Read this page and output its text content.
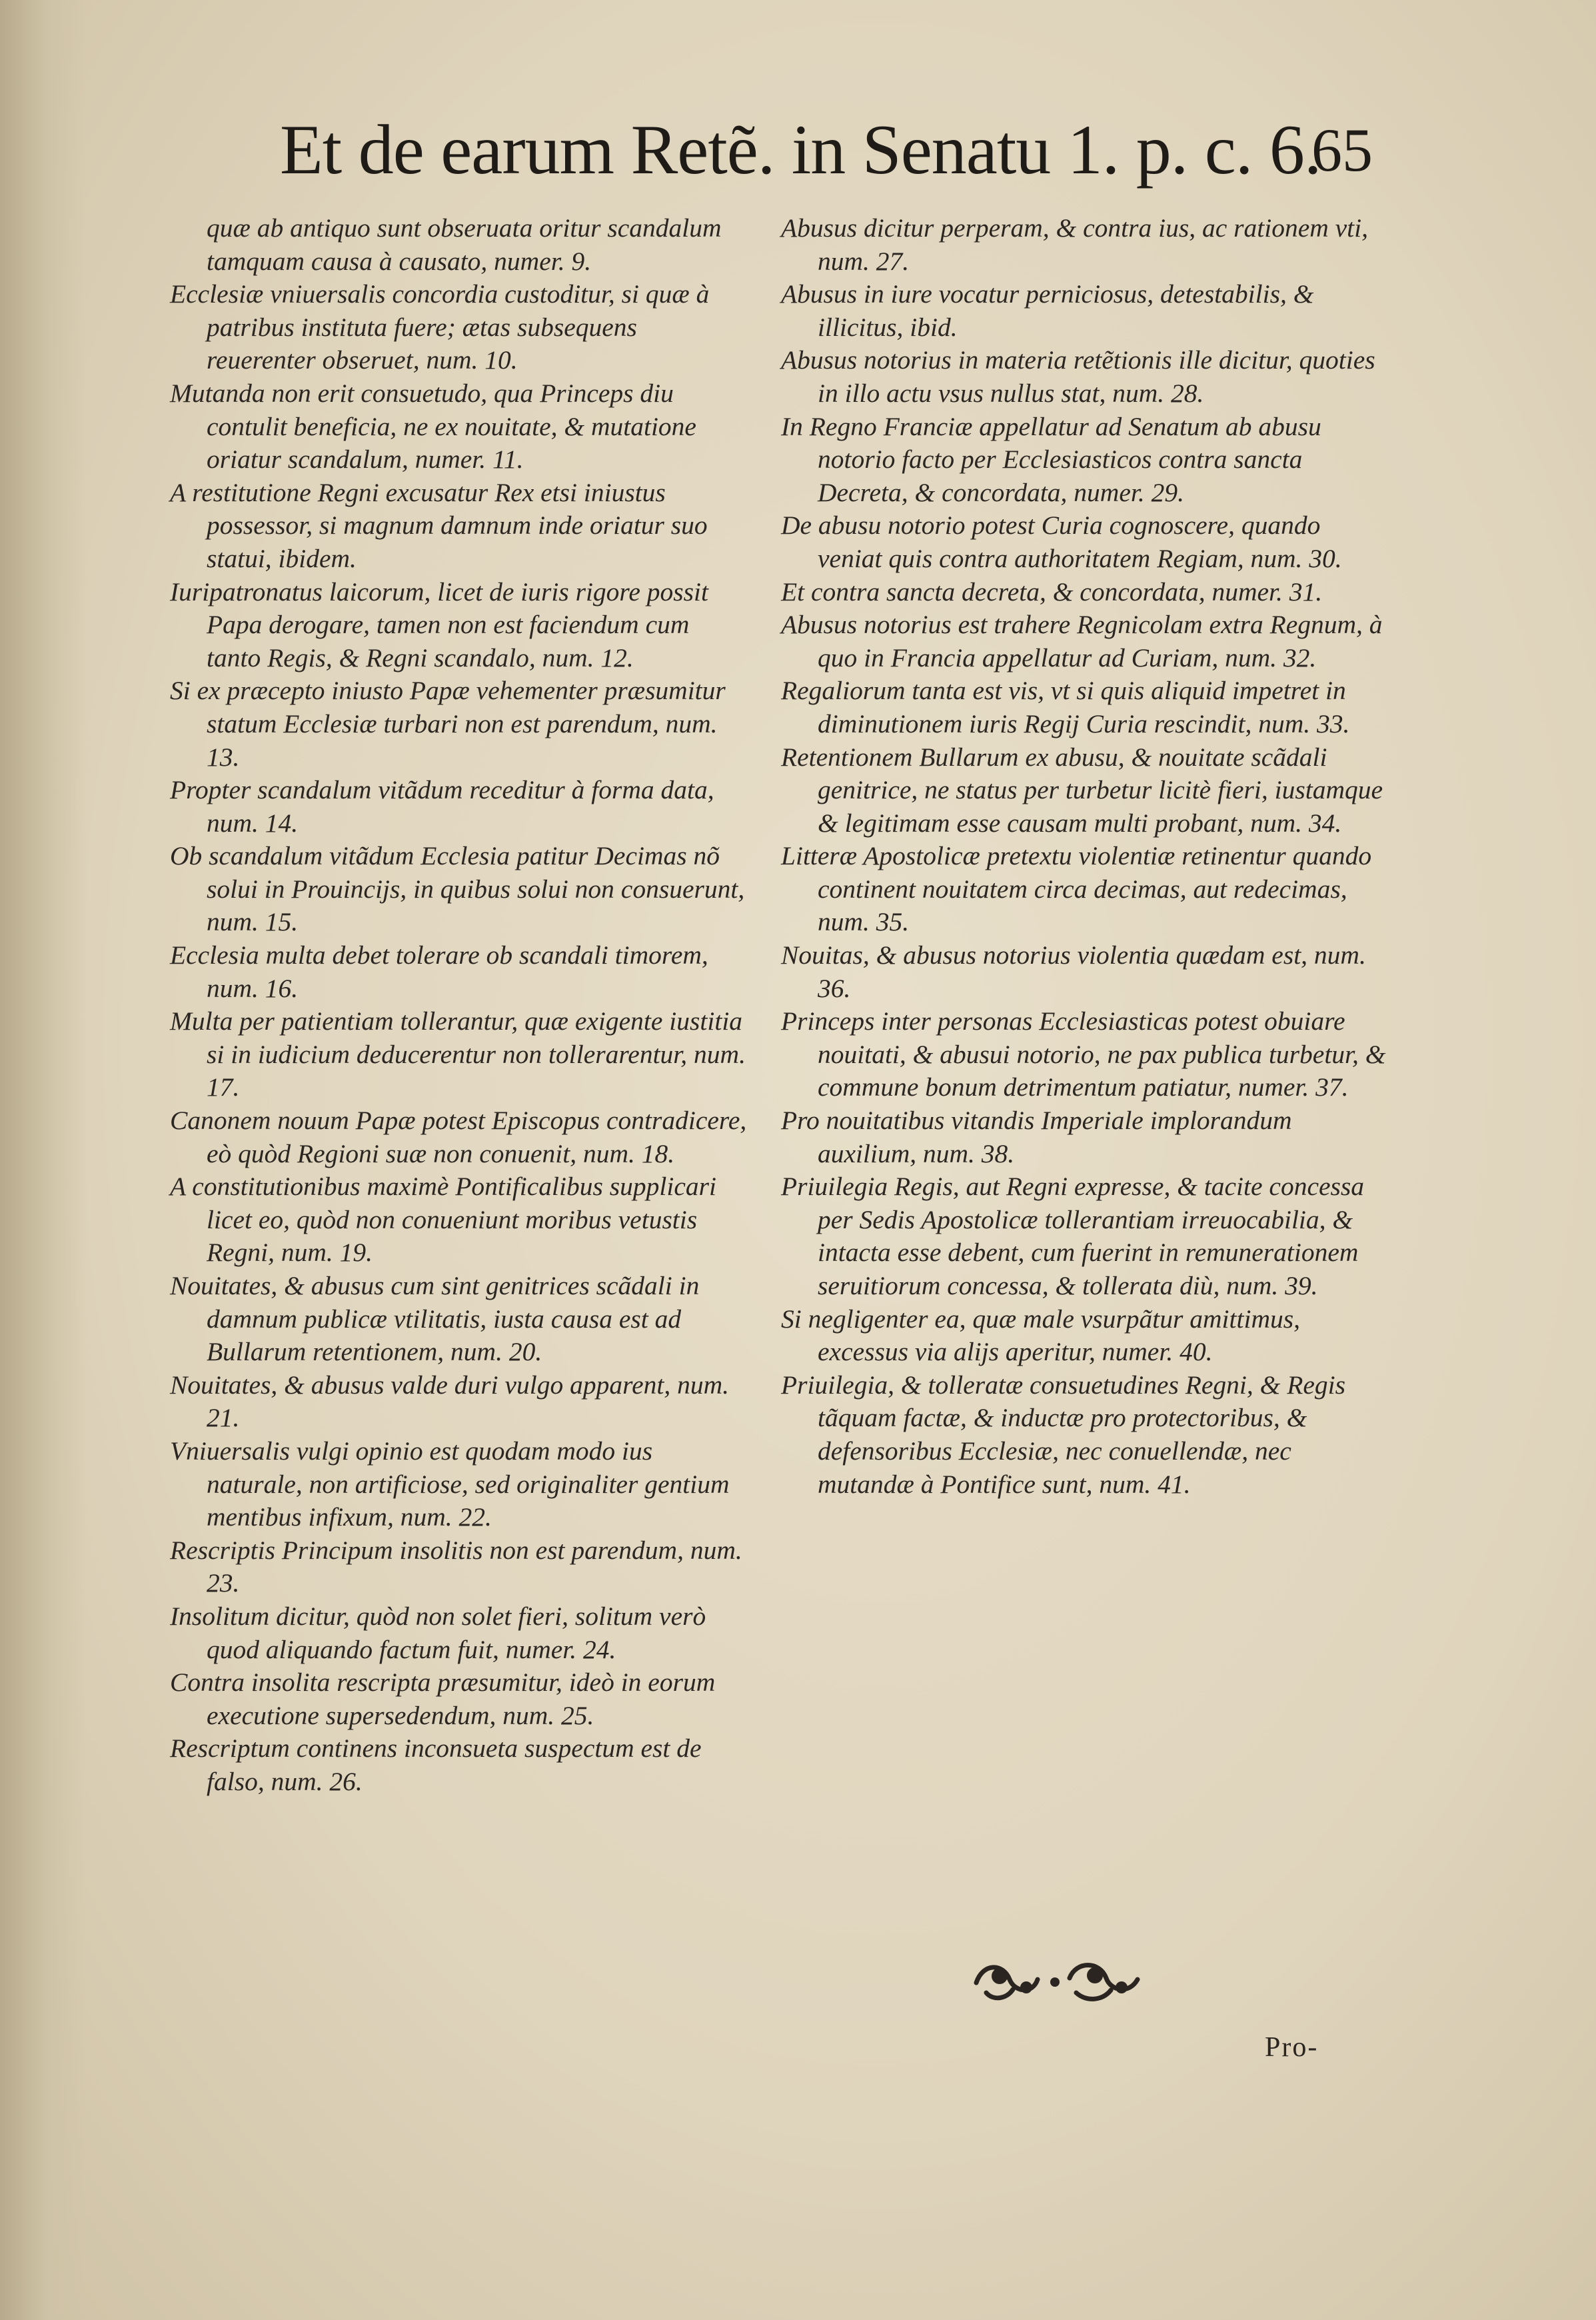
Et de earum Retẽ. in Senatu 1. p. c. 6.
65

quæ ab antiquo sunt obseruata oritur scandalum tamquam causa à causato, numer. 9.

Ecclesiæ vniuersalis concordia custoditur, si quæ à patribus instituta fuere; ætas subsequens reuerenter obseruet, num. 10.

Mutanda non erit consuetudo, qua Princeps diu contulit beneficia, ne ex nouitate, & mutatione oriatur scandalum, numer. 11.

A restitutione Regni excusatur Rex etsi iniustus possessor, si magnum damnum inde oriatur suo statui, ibidem.

Iuripatronatus laicorum, licet de iuris rigore possit Papa derogare, tamen non est faciendum cum tanto Regis, & Regni scandalo, num. 12.

Si ex præcepto iniusto Papæ vehementer præsumitur statum Ecclesiæ turbari non est parendum, num. 13.

Propter scandalum vitãdum receditur à forma data, num. 14.

Ob scandalum vitãdum Ecclesia patitur Decimas nõ solui in Prouincijs, in quibus solui non consuerunt, num. 15.

Ecclesia multa debet tolerare ob scandali timorem, num. 16.

Multa per patientiam tollerantur, quæ exigente iustitia si in iudicium deducerentur non tollerarentur, num. 17.

Canonem nouum Papæ potest Episcopus contradicere, eò quòd Regioni suæ non conuenit, num. 18.

A constitutionibus maximè Pontificalibus supplicari licet eo, quòd non conueniunt moribus vetustis Regni, num. 19.

Nouitates, & abusus cum sint genitrices scãdali in damnum publicæ vtilitatis, iusta causa est ad Bullarum retentionem, num. 20.

Nouitates, & abusus valde duri vulgo apparent, num. 21.

Vniuersalis vulgi opinio est quodam modo ius naturale, non artificiose, sed originaliter gentium mentibus infixum, num. 22.

Rescriptis Principum insolitis non est parendum, num. 23.

Insolitum dicitur, quòd non solet fieri, solitum verò quod aliquando factum fuit, numer. 24.

Contra insolita rescripta præsumitur, ideò in eorum executione supersedendum, num. 25.

Rescriptum continens inconsueta suspectum est de falso, num. 26.

Abusus dicitur perperam, & contra ius, ac rationem vti, num. 27.

Abusus in iure vocatur perniciosus, detestabilis, & illicitus, ibid.

Abusus notorius in materia retẽtionis ille dicitur, quoties in illo actu vsus nullus stat, num. 28.

In Regno Franciæ appellatur ad Senatum ab abusu notorio facto per Ecclesiasticos contra sancta Decreta, & concordata, numer. 29.

De abusu notorio potest Curia cognoscere, quando veniat quis contra authoritatem Regiam, num. 30.

Et contra sancta decreta, & concordata, numer. 31.

Abusus notorius est trahere Regnicolam extra Regnum, à quo in Francia appellatur ad Curiam, num. 32.

Regaliorum tanta est vis, vt si quis aliquid impetret in diminutionem iuris Regij Curia rescindit, num. 33.

Retentionem Bullarum ex abusu, & nouitate scãdali genitrice, ne status per turbetur licitè fieri, iustamque & legitimam esse causam multi probant, num. 34.

Litteræ Apostolicæ pretextu violentiæ retinentur quando continent nouitatem circa decimas, aut redecimas, num. 35.

Nouitas, & abusus notorius violentia quædam est, num. 36.

Princeps inter personas Ecclesiasticas potest obuiare nouitati, & abusui notorio, ne pax publica turbetur, & commune bonum detrimentum patiatur, numer. 37.

Pro nouitatibus vitandis Imperiale implorandum auxilium, num. 38.

Priuilegia Regis, aut Regni expresse, & tacite concessa per Sedis Apostolicæ tollerantiam irreuocabilia, & intacta esse debent, cum fuerint in remunerationem seruitiorum concessa, & tollerata diù, num. 39.

Si negligenter ea, quæ male vsurpãtur amittimus, excessus via alijs aperitur, numer. 40.

Priuilegia, & tolleratæ consuetudines Regni, & Regis tãquam factæ, & inductæ pro protectoribus, & defensoribus Ecclesiæ, nec conuellendæ, nec mutandæ à Pontifice sunt, num. 41.

Pro-
